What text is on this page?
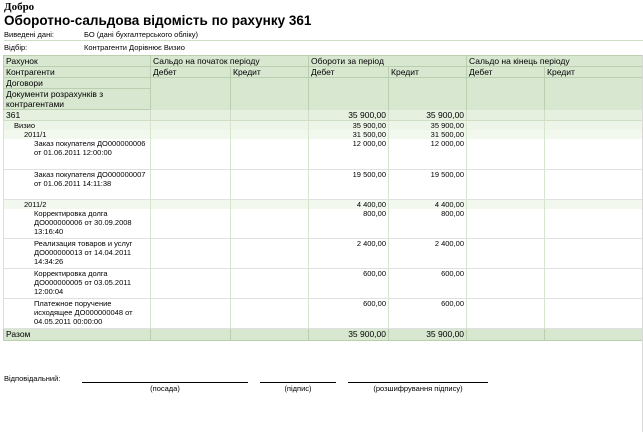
Добро
Оборотно-сальдова відомість по рахунку 361
Виведені дані:	БО (дані бухгалтерського обліку)
Відбір:	Контрагенти Дорівнює Визио
Рахунок	Сальдо на початок періоду		Обороти за період		Сальдо на кінець періоду	
Контрагенти	Дебет	Кредит	Дебет	Кредит	Дебет	Кредит
Договори						
Документи розрахунків з контрагентами						
361			35 900,00	35 900,00		
Визио			35 900,00	35 900,00		
2011/1			31 500,00	31 500,00		
Заказ покупателя ДО000000006 от 01.06.2011 12:00:00			12 000,00	12 000,00		
Заказ покупателя ДО000000007 от 01.06.2011 14:11:38			19 500,00	19 500,00		
2011/2			4 400,00	4 400,00		
Корректировка долга ДО000000006 от 30.09.2008 13:16:40			800,00	800,00		
Реализация товаров и услуг ДО000000013 от 14.04.2011 14:34:26			2 400,00	2 400,00		
Корректировка долга ДО000000005 от 03.05.2011 12:00:04			600,00	600,00		
Платежное поручение исходящее ДО000000048 от 04.05.2011 00:00:00			600,00	600,00		
Разом			35 900,00	35 900,00		
Відповідальний:
(посада)	(підпис)	(розшифрування підпису)
